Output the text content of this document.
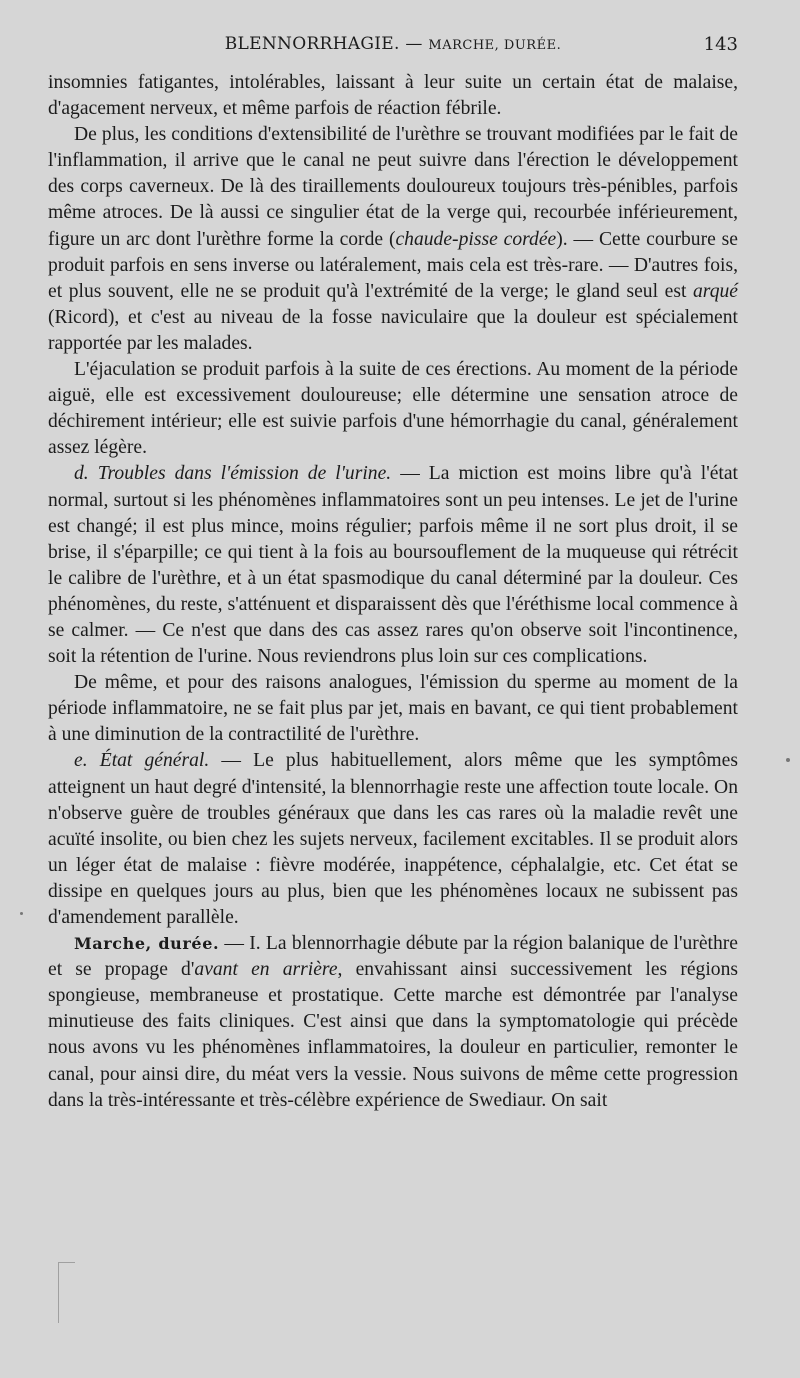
BLENNORRHAGIE. — MARCHE, DURÉE.	143

insomnies fatigantes, intolérables, laissant à leur suite un certain état de malaise, d'agacement nerveux, et même parfois de réaction fébrile.

De plus, les conditions d'extensibilité de l'urèthre se trouvant modifiées par le fait de l'inflammation, il arrive que le canal ne peut suivre dans l'érection le développement des corps caverneux. De là des tiraillements douloureux toujours très-pénibles, parfois même atroces. De là aussi ce singulier état de la verge qui, recourbée inférieurement, figure un arc dont l'urèthre forme la corde (chaude-pisse cordée). — Cette courbure se produit parfois en sens inverse ou latéralement, mais cela est très-rare. — D'autres fois, et plus souvent, elle ne se produit qu'à l'extrémité de la verge; le gland seul est arqué (Ricord), et c'est au niveau de la fosse naviculaire que la douleur est spécialement rapportée par les malades.

L'éjaculation se produit parfois à la suite de ces érections. Au moment de la période aiguë, elle est excessivement douloureuse; elle détermine une sensation atroce de déchirement intérieur; elle est suivie parfois d'une hémorrhagie du canal, généralement assez légère.

d. Troubles dans l'émission de l'urine. — La miction est moins libre qu'à l'état normal, surtout si les phénomènes inflammatoires sont un peu intenses. Le jet de l'urine est changé; il est plus mince, moins régulier; parfois même il ne sort plus droit, il se brise, il s'éparpille; ce qui tient à la fois au boursouflement de la muqueuse qui rétrécit le calibre de l'urèthre, et à un état spasmodique du canal déterminé par la douleur. Ces phénomènes, du reste, s'atténuent et disparaissent dès que l'éréthisme local commence à se calmer. — Ce n'est que dans des cas assez rares qu'on observe soit l'incontinence, soit la rétention de l'urine. Nous reviendrons plus loin sur ces complications.

De même, et pour des raisons analogues, l'émission du sperme au moment de la période inflammatoire, ne se fait plus par jet, mais en bavant, ce qui tient probablement à une diminution de la contractilité de l'urèthre.

e. État général. — Le plus habituellement, alors même que les symptômes atteignent un haut degré d'intensité, la blennorrhagie reste une affection toute locale. On n'observe guère de troubles généraux que dans les cas rares où la maladie revêt une acuïté insolite, ou bien chez les sujets nerveux, facilement excitables. Il se produit alors un léger état de malaise : fièvre modérée, inappétence, céphalalgie, etc. Cet état se dissipe en quelques jours au plus, bien que les phénomènes locaux ne subissent pas d'amendement parallèle.

Marche, durée. — I. La blennorrhagie débute par la région balanique de l'urèthre et se propage d'avant en arrière, envahissant ainsi successivement les régions spongieuse, membraneuse et prostatique. Cette marche est démontrée par l'analyse minutieuse des faits cliniques. C'est ainsi que dans la symptomatologie qui précède nous avons vu les phénomènes inflammatoires, la douleur en particulier, remonter le canal, pour ainsi dire, du méat vers la vessie. Nous suivons de même cette progression dans la très-intéressante et très-célèbre expérience de Swediaur. On sait
